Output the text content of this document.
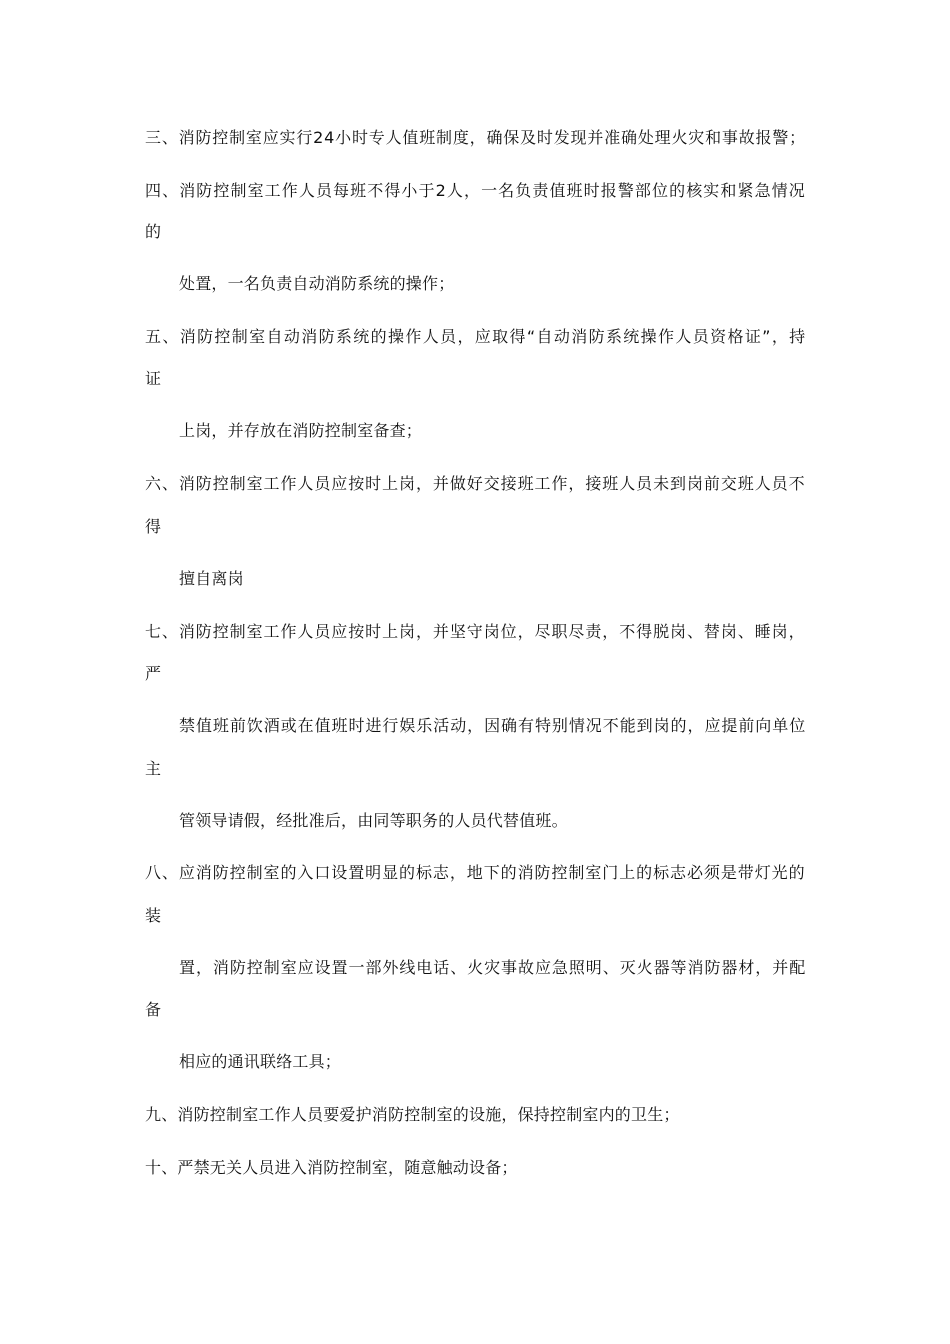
三、消防控制室应实行24小时专人值班制度，确保及时发现并准确处理火灾和事故报警；
四、消防控制室工作人员每班不得小于2人，一名负责值班时报警部位的核实和紧急情况
的
处置，一名负责自动消防系统的操作；
五、消防控制室自动消防系统的操作人员，应取得“自动消防系统操作人员资格证”，持
证
上岗，并存放在消防控制室备查；
六、消防控制室工作人员应按时上岗，并做好交接班工作，接班人员未到岗前交班人员不
得
擅自离岗
七、消防控制室工作人员应按时上岗，并坚守岗位，尽职尽责，不得脱岗、替岗、睡岗，
严
禁值班前饮酒或在值班时进行娱乐活动，因确有特别情况不能到岗的，应提前向单位
主
管领导请假，经批准后，由同等职务的人员代替值班。
八、应消防控制室的入口设置明显的标志，地下的消防控制室门上的标志必须是带灯光的
装
置，消防控制室应设置一部外线电话、火灾事故应急照明、灭火器等消防器材，并配
备
相应的通讯联络工具；
九、消防控制室工作人员要爱护消防控制室的设施，保持控制室内的卫生；
十、严禁无关人员进入消防控制室，随意触动设备；
